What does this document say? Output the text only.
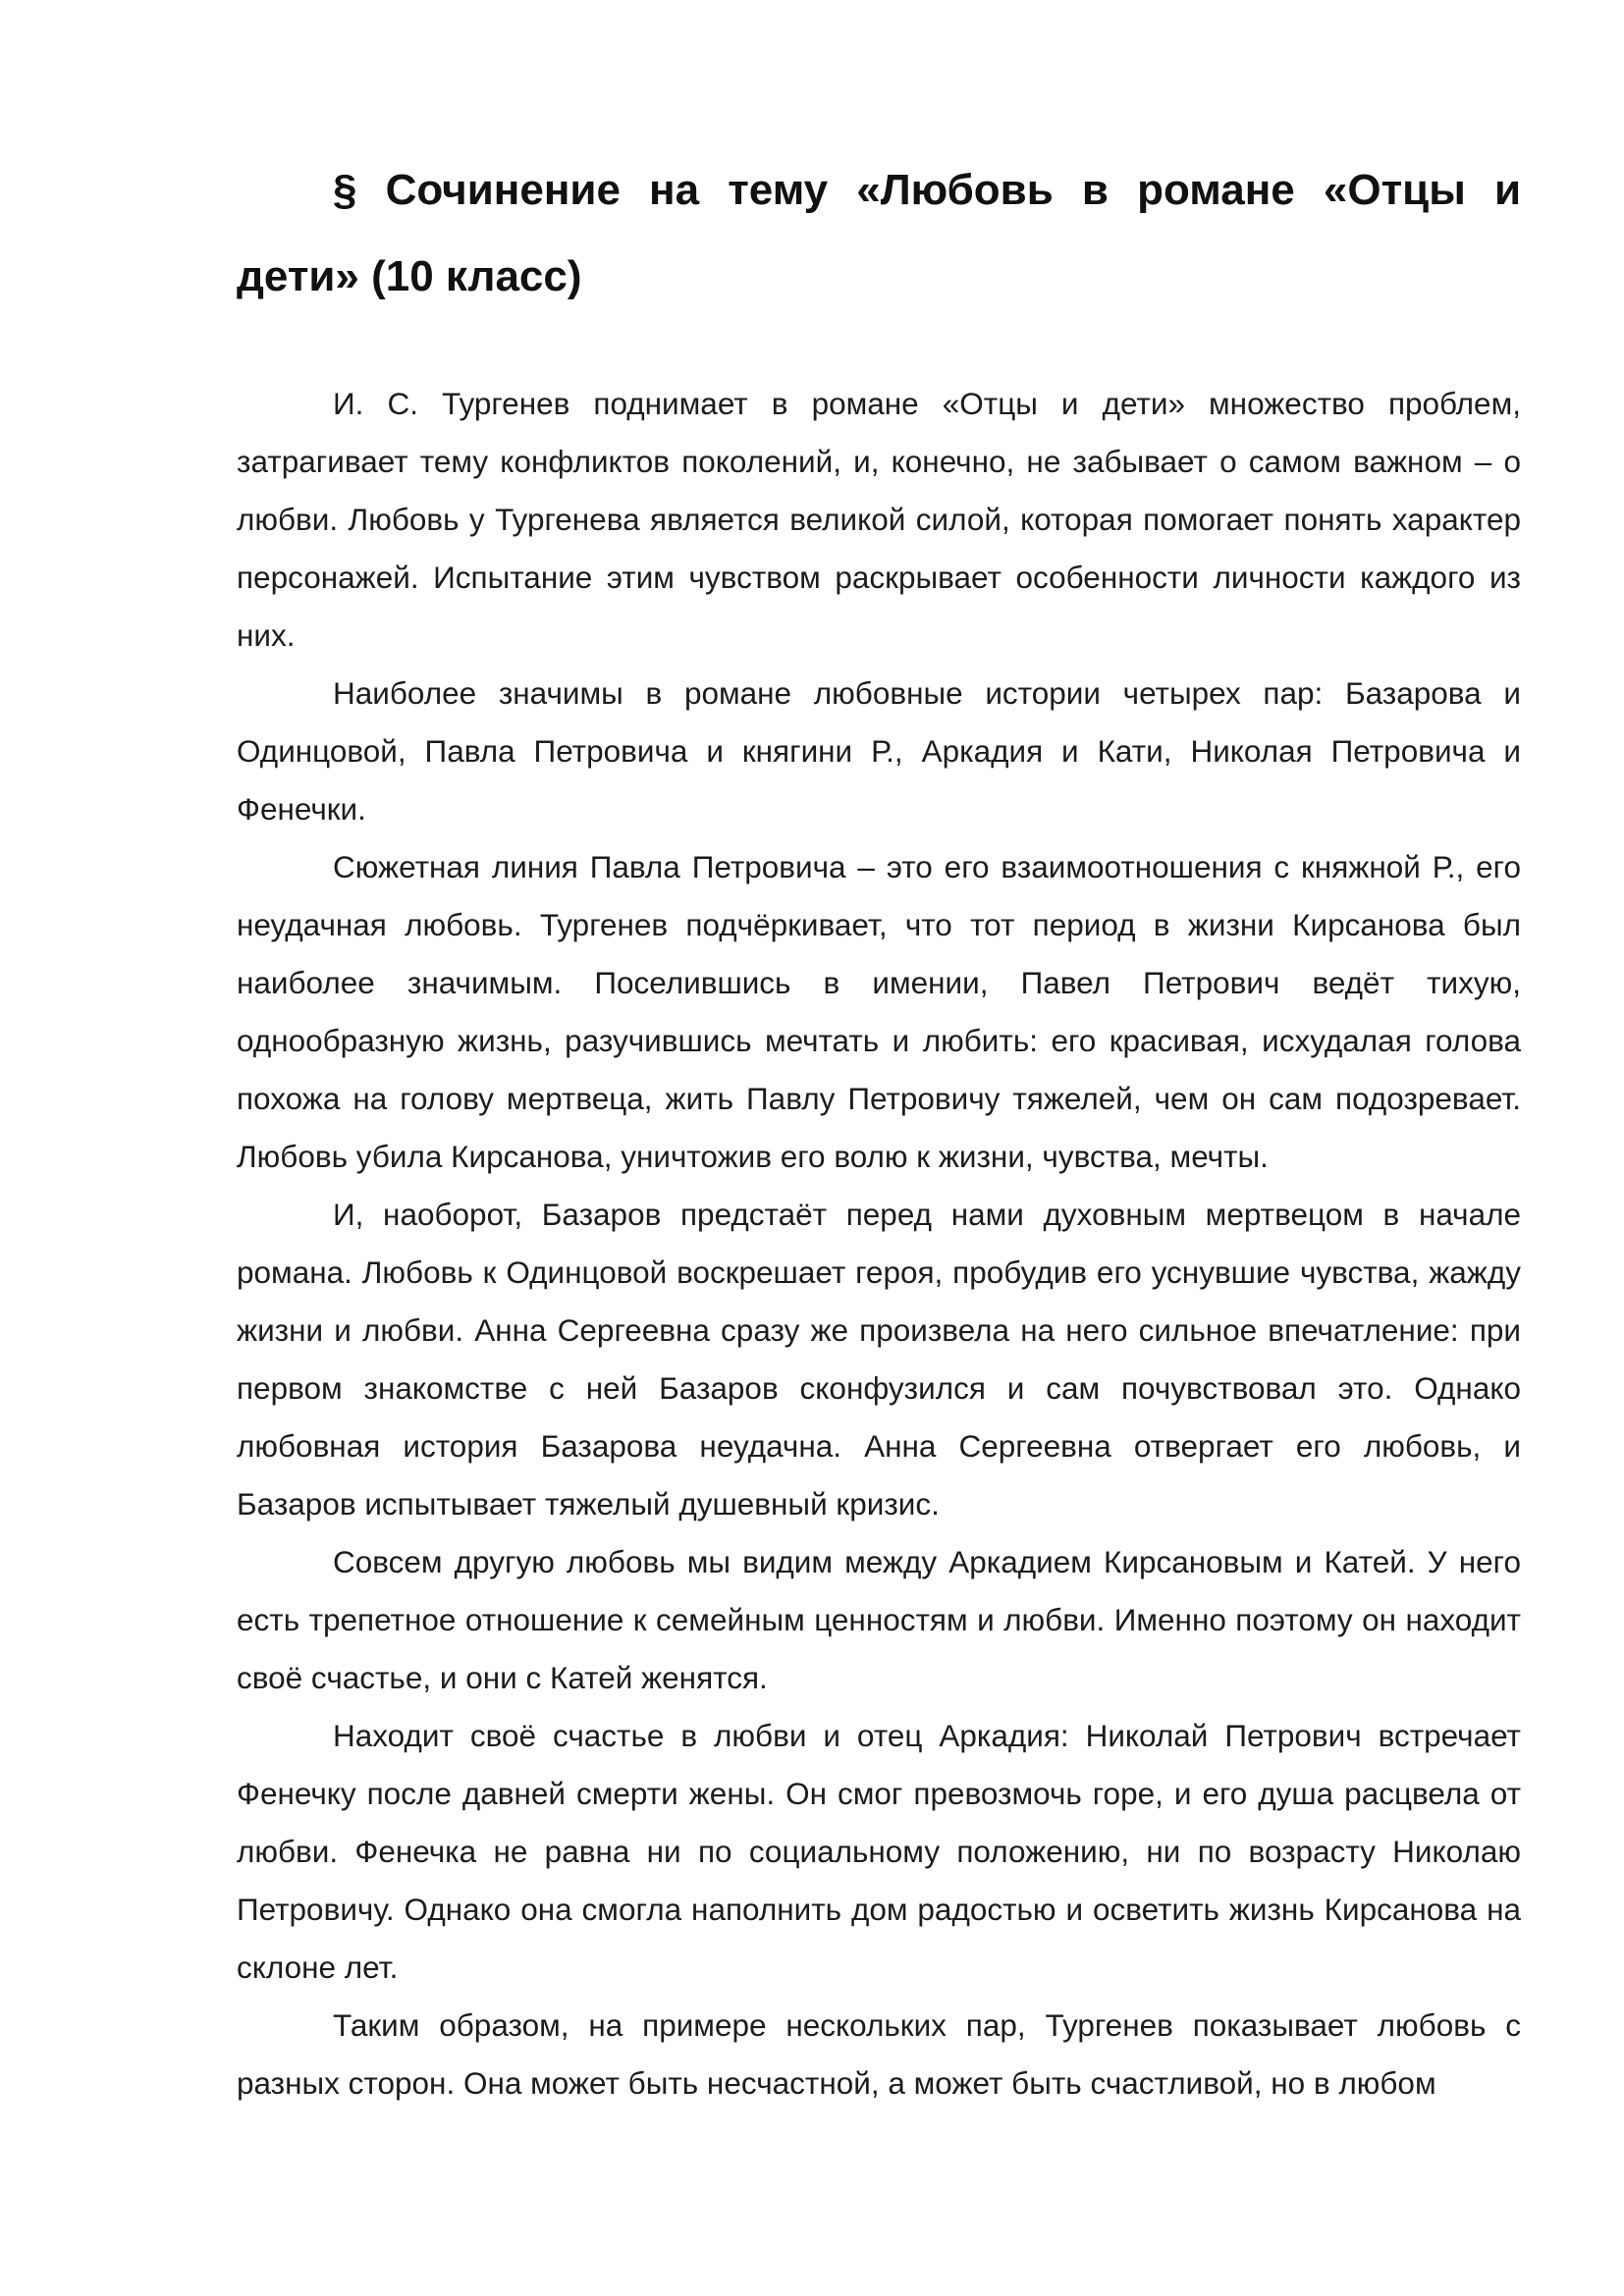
§ Сочинение на тему «Любовь в романе «Отцы и дети» (10 класс)

И. С. Тургенев поднимает в романе «Отцы и дети» множество проблем, затрагивает тему конфликтов поколений, и, конечно, не забывает о самом важном – о любви. Любовь у Тургенева является великой силой, которая помогает понять характер персонажей. Испытание этим чувством раскрывает особенности личности каждого из них.

Наиболее значимы в романе любовные истории четырех пар: Базарова и Одинцовой, Павла Петровича и княгини Р., Аркадия и Кати, Николая Петровича и Фенечки.

Сюжетная линия Павла Петровича – это его взаимоотношения с княжной Р., его неудачная любовь. Тургенев подчёркивает, что тот период в жизни Кирсанова был наиболее значимым. Поселившись в имении, Павел Петрович ведёт тихую, однообразную жизнь, разучившись мечтать и любить: его красивая, исхудалая голова похожа на голову мертвеца, жить Павлу Петровичу тяжелей, чем он сам подозревает. Любовь убила Кирсанова, уничтожив его волю к жизни, чувства, мечты.

И, наоборот, Базаров предстаёт перед нами духовным мертвецом в начале романа. Любовь к Одинцовой воскрешает героя, пробудив его уснувшие чувства, жажду жизни и любви. Анна Сергеевна сразу же произвела на него сильное впечатление: при первом знакомстве с ней Базаров сконфузился и сам почувствовал это. Однако любовная история Базарова неудачна. Анна Сергеевна отвергает его любовь, и Базаров испытывает тяжелый душевный кризис.

Совсем другую любовь мы видим между Аркадием Кирсановым и Катей. У него есть трепетное отношение к семейным ценностям и любви. Именно поэтому он находит своё счастье, и они с Катей женятся.

Находит своё счастье в любви и отец Аркадия: Николай Петрович встречает Фенечку после давней смерти жены. Он смог превозмочь горе, и его душа расцвела от любви. Фенечка не равна ни по социальному положению, ни по возрасту Николаю Петровичу. Однако она смогла наполнить дом радостью и осветить жизнь Кирсанова на склоне лет.

Таким образом, на примере нескольких пар, Тургенев показывает любовь с разных сторон. Она может быть несчастной, а может быть счастливой, но в любом
